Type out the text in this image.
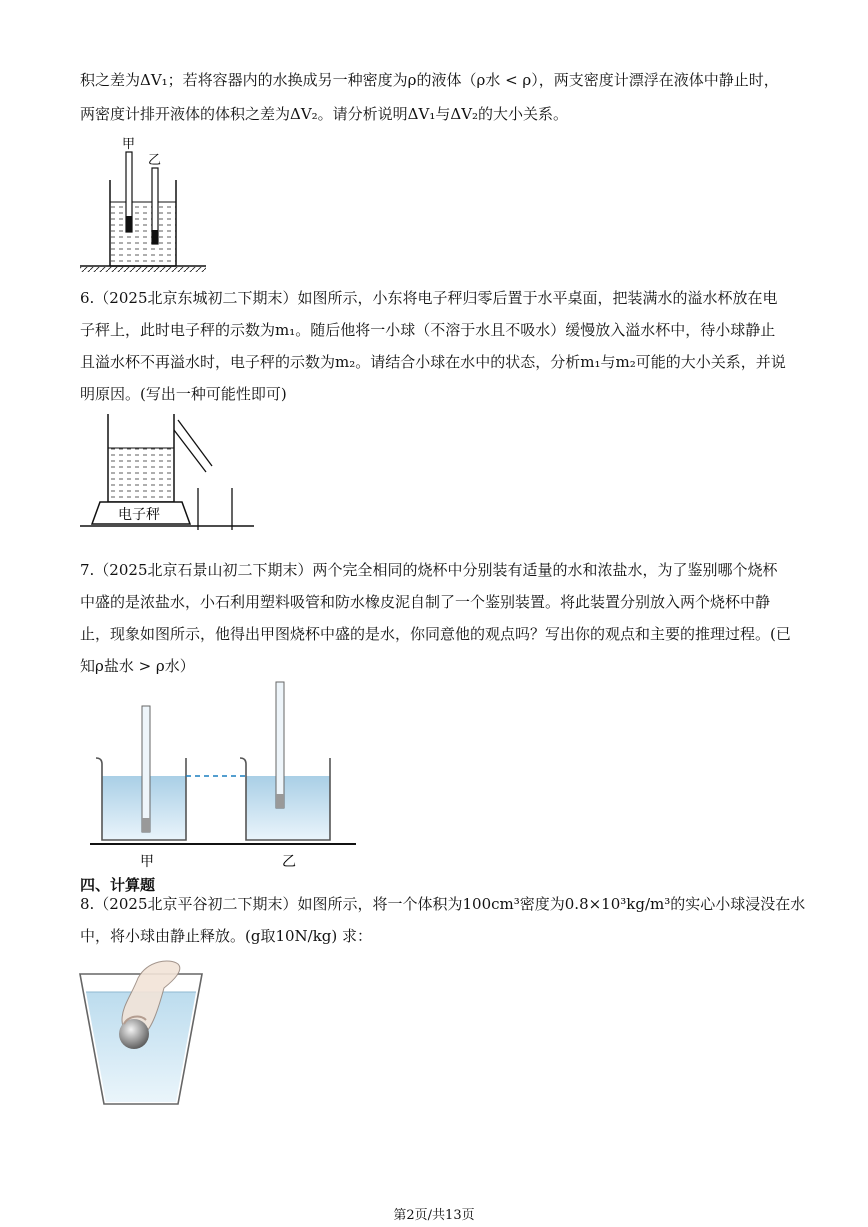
积之差为ΔV₁；若将容器内的水换成另一种密度为ρ的液体（ρ水 < ρ），两支密度计漂浮在液体中静止时，
两密度计排开液体的体积之差为ΔV₂。请分析说明ΔV₁与ΔV₂的大小关系。
甲
乙
6.（2025北京东城初二下期末）如图所示，小东将电子秤归零后置于水平桌面，把装满水的溢水杯放在电
子秤上，此时电子秤的示数为m₁。随后他将一小球（不溶于水且不吸水）缓慢放入溢水杯中，待小球静止
且溢水杯不再溢水时，电子秤的示数为m₂。请结合小球在水中的状态，分析m₁与m₂可能的大小关系，并说
明原因。(写出一种可能性即可)
电子秤
7.（2025北京石景山初二下期末）两个完全相同的烧杯中分别装有适量的水和浓盐水，为了鉴别哪个烧杯
中盛的是浓盐水，小石利用塑料吸管和防水橡皮泥自制了一个鉴别装置。将此装置分别放入两个烧杯中静
止，现象如图所示，他得出甲图烧杯中盛的是水，你同意他的观点吗？写出你的观点和主要的推理过程。(已
知ρ盐水 > ρ水）
甲	乙
四、计算题
8.（2025北京平谷初二下期末）如图所示，将一个体积为100cm³密度为0.8×10³kg/m³的实心小球浸没在水
中，将小球由静止释放。(g取10N/kg) 求：
第2页/共13页
